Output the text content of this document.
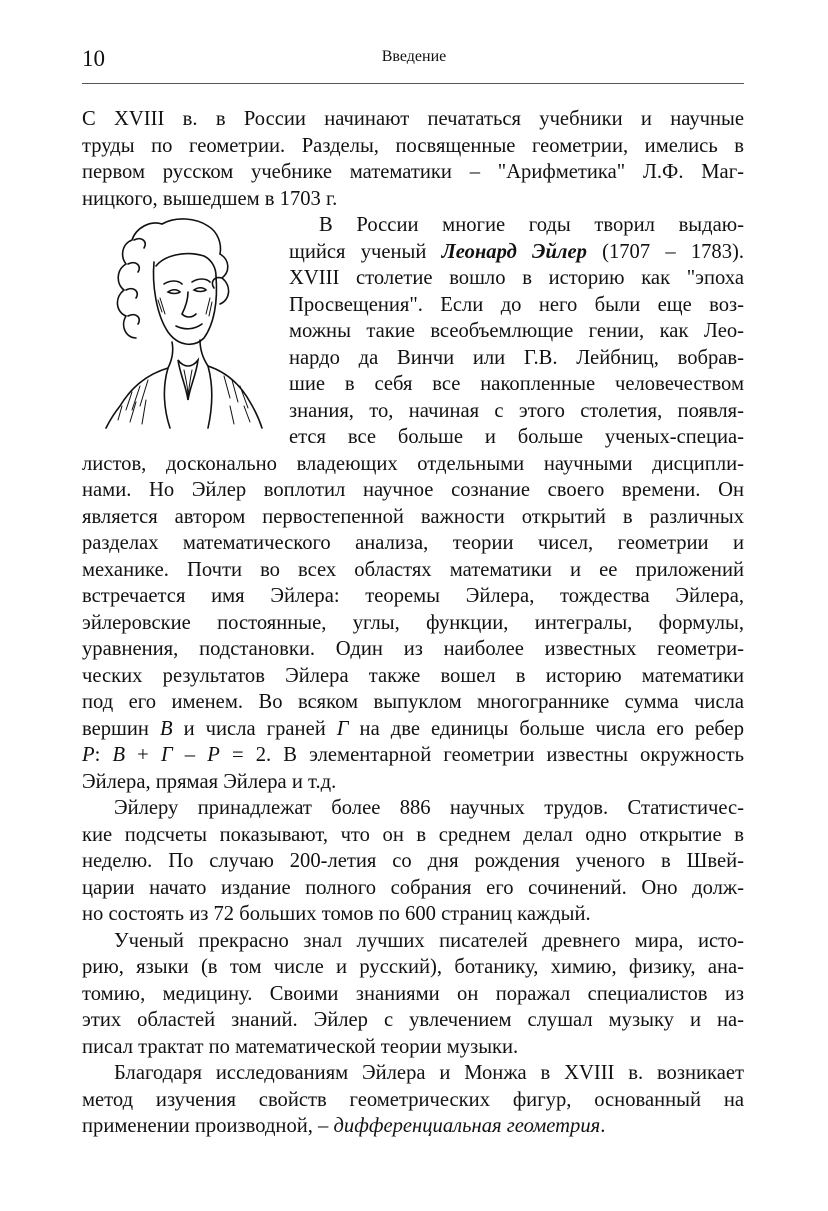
10	Введение
С XVIII в. в России начинают печататься учебники и научные
труды по геометрии. Разделы, посвященные геометрии, имелись в
первом русском учебнике математики – "Арифметика" Л.Ф. Маг-
ницкого, вышедшем в 1703 г.
В России многие годы творил выдаю-
щийся ученый Леонард Эйлер (1707 – 1783).
XVIII столетие вошло в историю как "эпоха
Просвещения". Если до него были еще воз-
можны такие всеобъемлющие гении, как Лео-
нардо да Винчи или Г.В. Лейбниц, вобрав-
шие в себя все накопленные человечеством
знания, то, начиная с этого столетия, появля-
ется все больше и больше ученых-специа-
листов, досконально владеющих отдельными научными дисципли-
нами. Но Эйлер воплотил научное сознание своего времени. Он
является автором первостепенной важности открытий в различных
разделах математического анализа, теории чисел, геометрии и
механике. Почти во всех областях математики и ее приложений
встречается имя Эйлера: теоремы Эйлера, тождества Эйлера,
эйлеровские постоянные, углы, функции, интегралы, формулы,
уравнения, подстановки. Один из наиболее известных геометри-
ческих результатов Эйлера также вошел в историю математики
под его именем. Во всяком выпуклом многограннике сумма числа
вершин В и числа граней Г на две единицы больше числа его ребер
Р: В + Г – Р = 2. В элементарной геометрии известны окружность
Эйлера, прямая Эйлера и т.д.
Эйлеру принадлежат более 886 научных трудов. Статистичес-
кие подсчеты показывают, что он в среднем делал одно открытие в
неделю. По случаю 200-летия со дня рождения ученого в Швей-
царии начато издание полного собрания его сочинений. Оно долж-
но состоять из 72 больших томов по 600 страниц каждый.
Ученый прекрасно знал лучших писателей древнего мира, исто-
рию, языки (в том числе и русский), ботанику, химию, физику, ана-
томию, медицину. Своими знаниями он поражал специалистов из
этих областей знаний. Эйлер с увлечением слушал музыку и на-
писал трактат по математической теории музыки.
Благодаря исследованиям Эйлера и Монжа в XVIII в. возникает
метод изучения свойств геометрических фигур, основанный на
применении производной, – дифференциальная геометрия.
